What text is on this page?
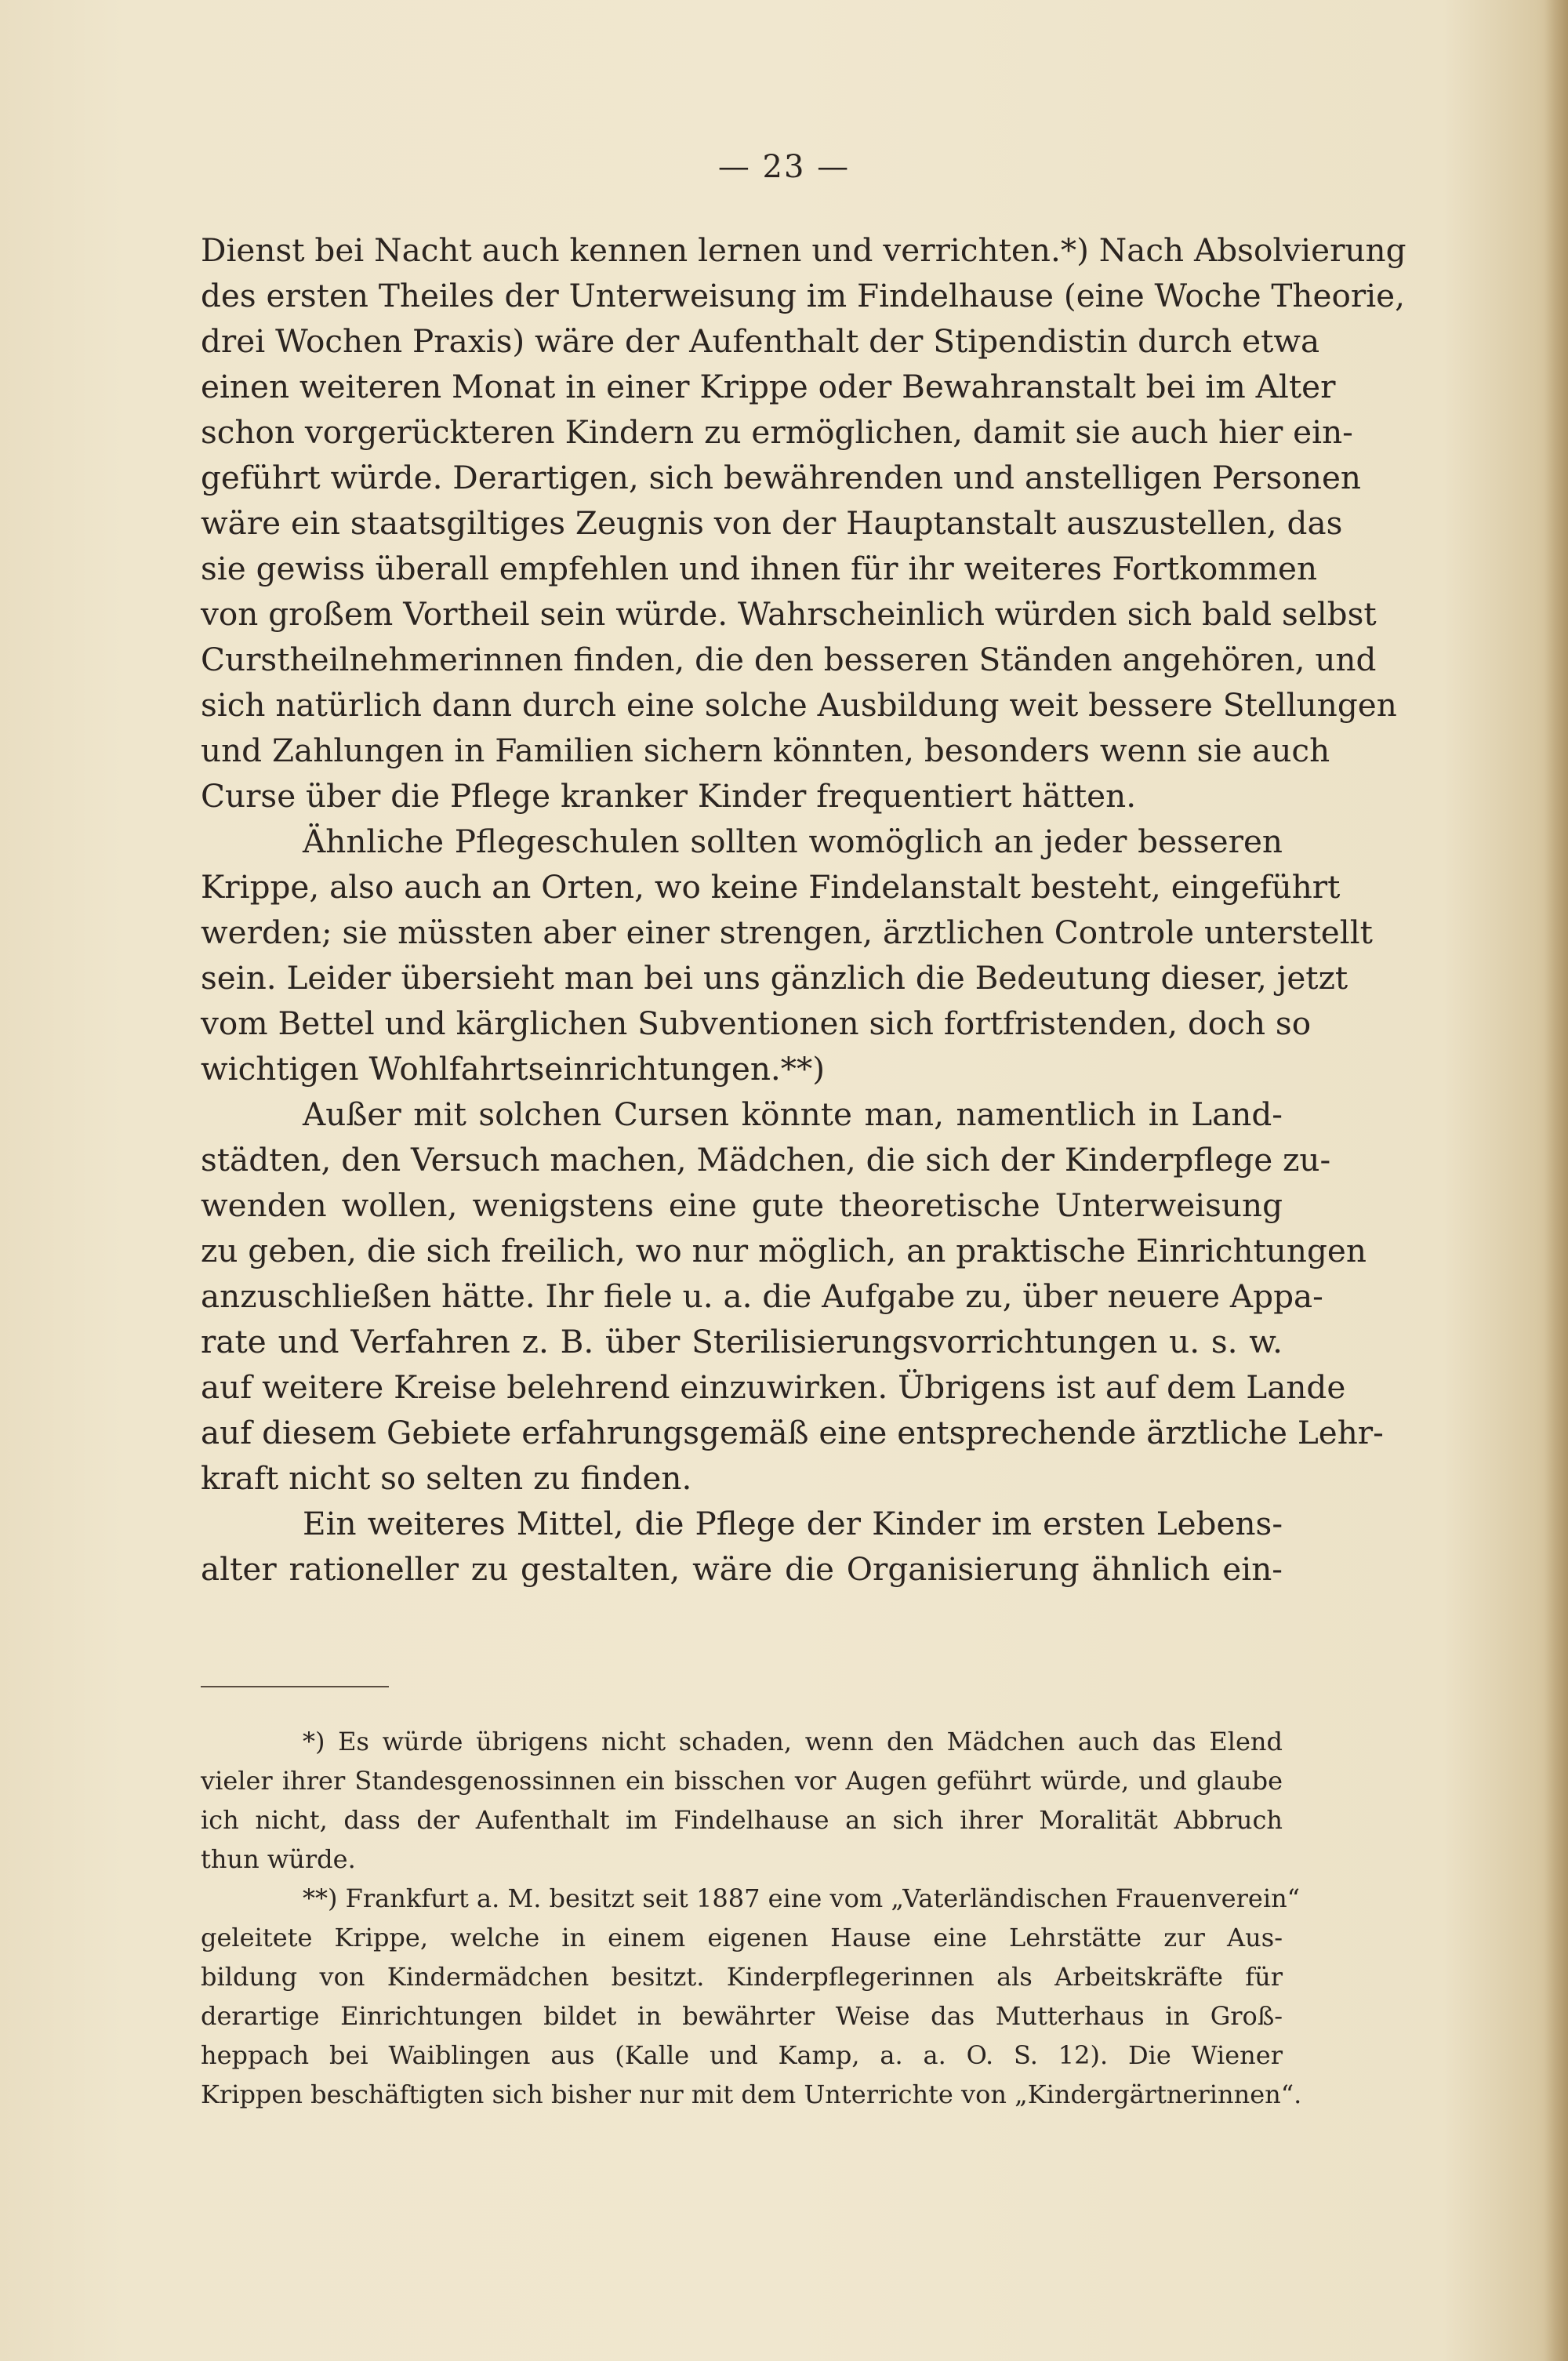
— 23 —
Dienst bei Nacht auch kennen lernen und verrichten.*) Nach Absolvierung
des ersten Theiles der Unterweisung im Findelhause (eine Woche Theorie,
drei Wochen Praxis) wäre der Aufenthalt der Stipendistin durch etwa
einen weiteren Monat in einer Krippe oder Bewahranstalt bei im Alter
schon vorgerückteren Kindern zu ermöglichen, damit sie auch hier ein-
geführt würde. Derartigen, sich bewährenden und anstelligen Personen
wäre ein staatsgiltiges Zeugnis von der Hauptanstalt auszustellen, das
sie gewiss überall empfehlen und ihnen für ihr weiteres Fortkommen
von großem Vortheil sein würde. Wahrscheinlich würden sich bald selbst
Curstheilnehmerinnen finden, die den besseren Ständen angehören, und
sich natürlich dann durch eine solche Ausbildung weit bessere Stellungen
und Zahlungen in Familien sichern könnten, besonders wenn sie auch
Curse über die Pflege kranker Kinder frequentiert hätten.
Ähnliche Pflegeschulen sollten womöglich an jeder besseren
Krippe, also auch an Orten, wo keine Findelanstalt besteht, eingeführt
werden; sie müssten aber einer strengen, ärztlichen Controle unterstellt
sein. Leider übersieht man bei uns gänzlich die Bedeutung dieser, jetzt
vom Bettel und kärglichen Subventionen sich fortfristenden, doch so
wichtigen Wohlfahrtseinrichtungen.**)
Außer mit solchen Cursen könnte man, namentlich in Land-
städten, den Versuch machen, Mädchen, die sich der Kinderpflege zu-
wenden wollen, wenigstens eine gute theoretische Unterweisung
zu geben, die sich freilich, wo nur möglich, an praktische Einrichtungen
anzuschließen hätte. Ihr fiele u. a. die Aufgabe zu, über neuere Appa-
rate und Verfahren z. B. über Sterilisierungsvorrichtungen u. s. w.
auf weitere Kreise belehrend einzuwirken. Übrigens ist auf dem Lande
auf diesem Gebiete erfahrungsgemäß eine entsprechende ärztliche Lehr-
kraft nicht so selten zu finden.
Ein weiteres Mittel, die Pflege der Kinder im ersten Lebens-
alter rationeller zu gestalten, wäre die Organisierung ähnlich ein-
*) Es würde übrigens nicht schaden, wenn den Mädchen auch das Elend
vieler ihrer Standesgenossinnen ein bisschen vor Augen geführt würde, und glaube
ich nicht, dass der Aufenthalt im Findelhause an sich ihrer Moralität Abbruch
thun würde.
**) Frankfurt a. M. besitzt seit 1887 eine vom „Vaterländischen Frauenverein“
geleitete Krippe, welche in einem eigenen Hause eine Lehrstätte zur Aus-
bildung von Kindermädchen besitzt. Kinderpflegerinnen als Arbeitskräfte für
derartige Einrichtungen bildet in bewährter Weise das Mutterhaus in Groß-
heppach bei Waiblingen aus (Kalle und Kamp, a. a. O. S. 12). Die Wiener
Krippen beschäftigten sich bisher nur mit dem Unterrichte von „Kindergärtnerinnen“.
